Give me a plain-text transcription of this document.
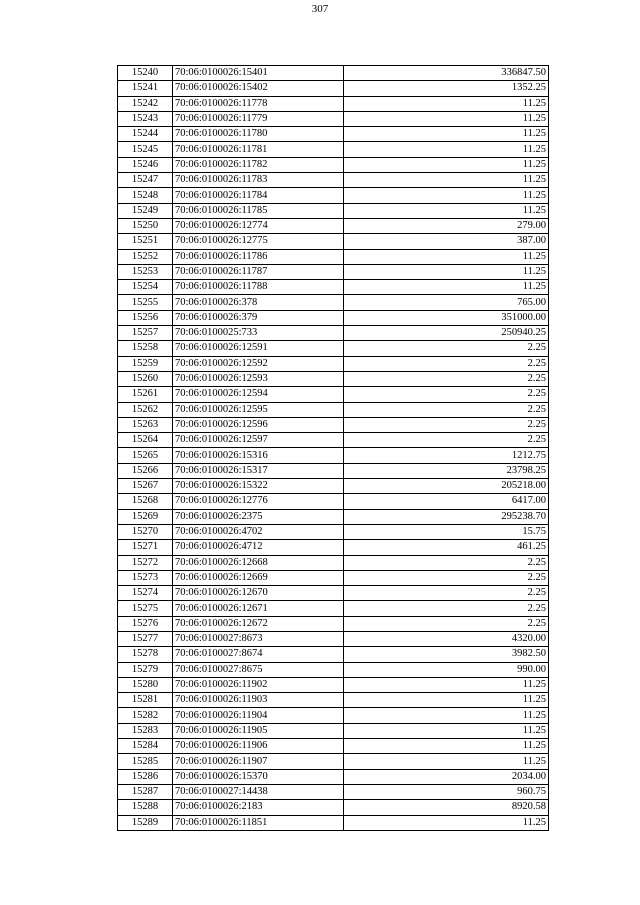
307
15240	70:06:0100026:15401	336847.50
15241	70:06:0100026:15402	1352.25
15242	70:06:0100026:11778	11.25
15243	70:06:0100026:11779	11.25
15244	70:06:0100026:11780	11.25
15245	70:06:0100026:11781	11.25
15246	70:06:0100026:11782	11.25
15247	70:06:0100026:11783	11.25
15248	70:06:0100026:11784	11.25
15249	70:06:0100026:11785	11.25
15250	70:06:0100026:12774	279.00
15251	70:06:0100026:12775	387.00
15252	70:06:0100026:11786	11.25
15253	70:06:0100026:11787	11.25
15254	70:06:0100026:11788	11.25
15255	70:06:0100026:378	765.00
15256	70:06:0100026:379	351000.00
15257	70:06:0100025:733	250940.25
15258	70:06:0100026:12591	2.25
15259	70:06:0100026:12592	2.25
15260	70:06:0100026:12593	2.25
15261	70:06:0100026:12594	2.25
15262	70:06:0100026:12595	2.25
15263	70:06:0100026:12596	2.25
15264	70:06:0100026:12597	2.25
15265	70:06:0100026:15316	1212.75
15266	70:06:0100026:15317	23798.25
15267	70:06:0100026:15322	205218.00
15268	70:06:0100026:12776	6417.00
15269	70:06:0100026:2375	295238.70
15270	70:06:0100026:4702	15.75
15271	70:06:0100026:4712	461.25
15272	70:06:0100026:12668	2.25
15273	70:06:0100026:12669	2.25
15274	70:06:0100026:12670	2.25
15275	70:06:0100026:12671	2.25
15276	70:06:0100026:12672	2.25
15277	70:06:0100027:8673	4320.00
15278	70:06:0100027:8674	3982.50
15279	70:06:0100027:8675	990.00
15280	70:06:0100026:11902	11.25
15281	70:06:0100026:11903	11.25
15282	70:06:0100026:11904	11.25
15283	70:06:0100026:11905	11.25
15284	70:06:0100026:11906	11.25
15285	70:06:0100026:11907	11.25
15286	70:06:0100026:15370	2034.00
15287	70:06:0100027:14438	960.75
15288	70:06:0100026:2183	8920.58
15289	70:06:0100026:11851	11.25
